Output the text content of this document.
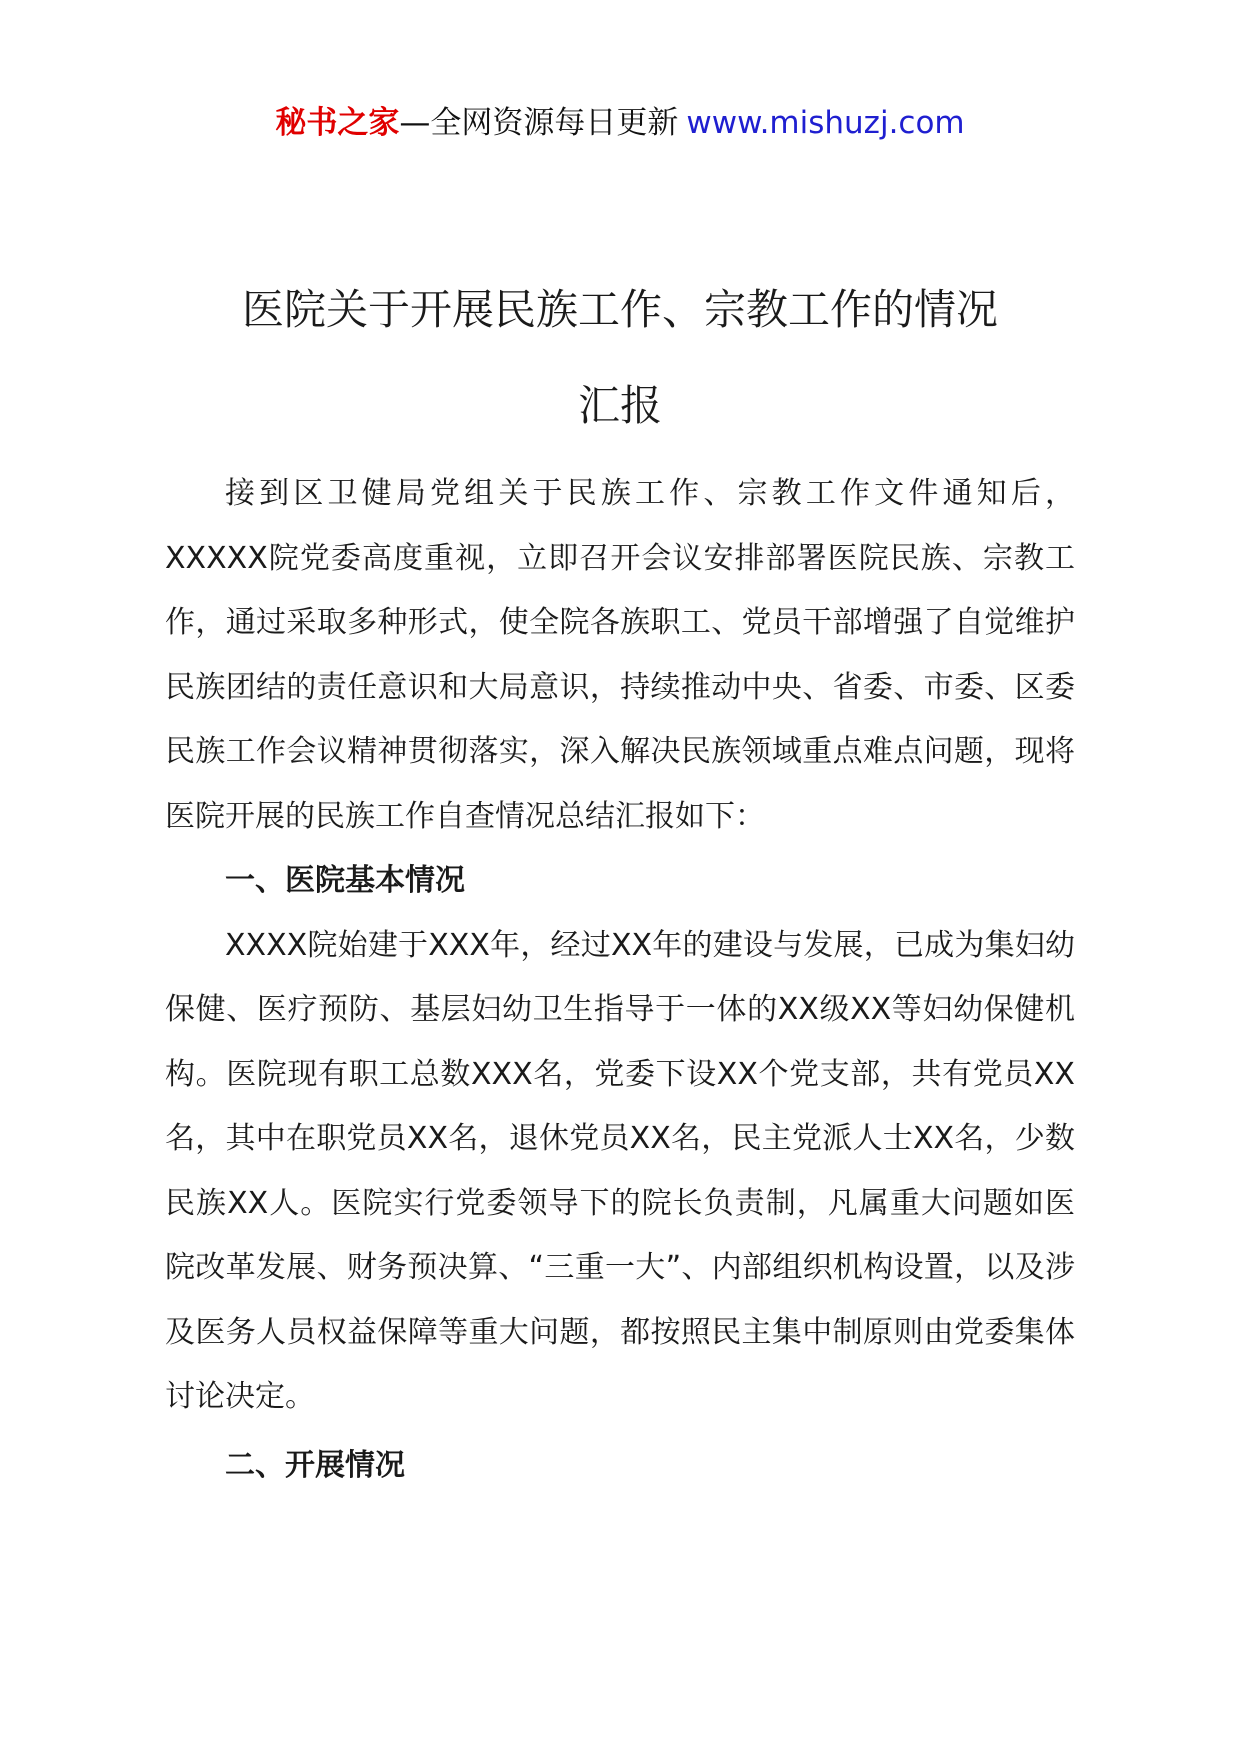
秘书之家—全网资源每日更新 www.mishuzj.com
医院关于开展民族工作、宗教工作的情况
汇报

接到区卫健局党组关于民族工作、宗教工作文件通知后，XXXXX院党委高度重视，立即召开会议安排部署医院民族、宗教工作，通过采取多种形式，使全院各族职工、党员干部增强了自觉维护民族团结的责任意识和大局意识，持续推动中央、省委、市委、区委民族工作会议精神贯彻落实，深入解决民族领域重点难点问题，现将医院开展的民族工作自查情况总结汇报如下：

一、医院基本情况

XXXX院始建于XXX年，经过XX年的建设与发展，已成为集妇幼保健、医疗预防、基层妇幼卫生指导于一体的XX级XX等妇幼保健机构。医院现有职工总数XXX名，党委下设XX个党支部，共有党员XX名，其中在职党员XX名，退休党员XX名，民主党派人士XX名，少数民族XX人。医院实行党委领导下的院长负责制，凡属重大问题如医院改革发展、财务预决算、“三重一大”、内部组织机构设置，以及涉及医务人员权益保障等重大问题，都按照民主集中制原则由党委集体讨论决定。

二、开展情况
